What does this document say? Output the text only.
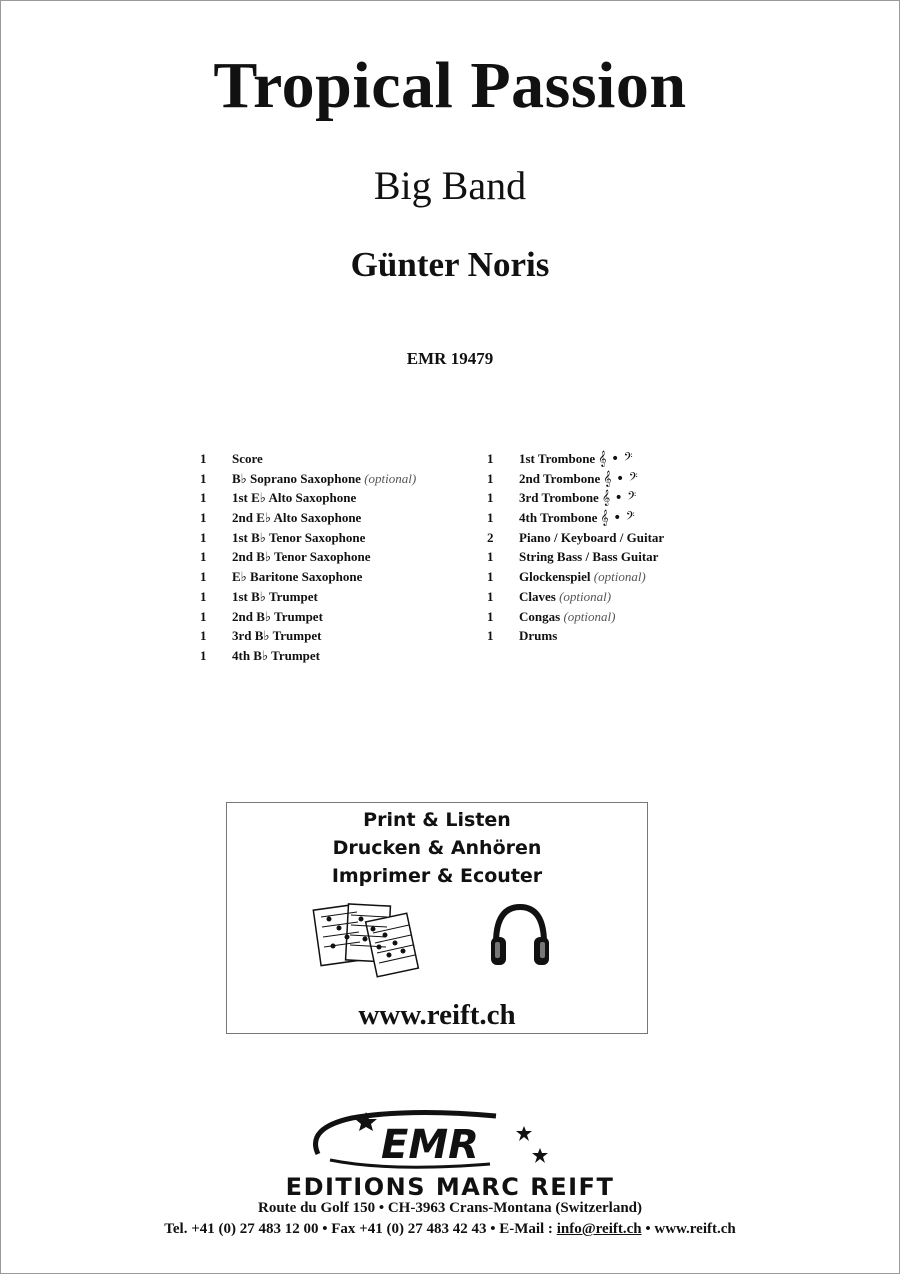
Tropical Passion
Big Band
Günter Noris
EMR 19479
1 Score
1 B♭ Soprano Saxophone (optional)
1 1st E♭ Alto Saxophone
1 2nd E♭ Alto Saxophone
1 1st B♭ Tenor Saxophone
1 2nd B♭ Tenor Saxophone
1 E♭ Baritone Saxophone
1 1st B♭ Trumpet
1 2nd B♭ Trumpet
1 3rd B♭ Trumpet
1 4th B♭ Trumpet
1 1st Trombone 𝄞 • 𝄢
1 2nd Trombone 𝄞 • 𝄢
1 3rd Trombone 𝄞 • 𝄢
1 4th Trombone 𝄞 • 𝄢
2 Piano / Keyboard / Guitar
1 String Bass / Bass Guitar
1 Glockenspiel (optional)
1 Claves (optional)
1 Congas (optional)
1 Drums
Print & Listen
Drucken & Anhören
Imprimer & Ecouter
www.reift.ch
EMR
EDITIONS MARC REIFT
Route du Golf 150 • CH-3963 Crans-Montana (Switzerland)
Tel. +41 (0) 27 483 12 00 • Fax +41 (0) 27 483 42 43 • E-Mail : info@reift.ch • www.reift.ch
